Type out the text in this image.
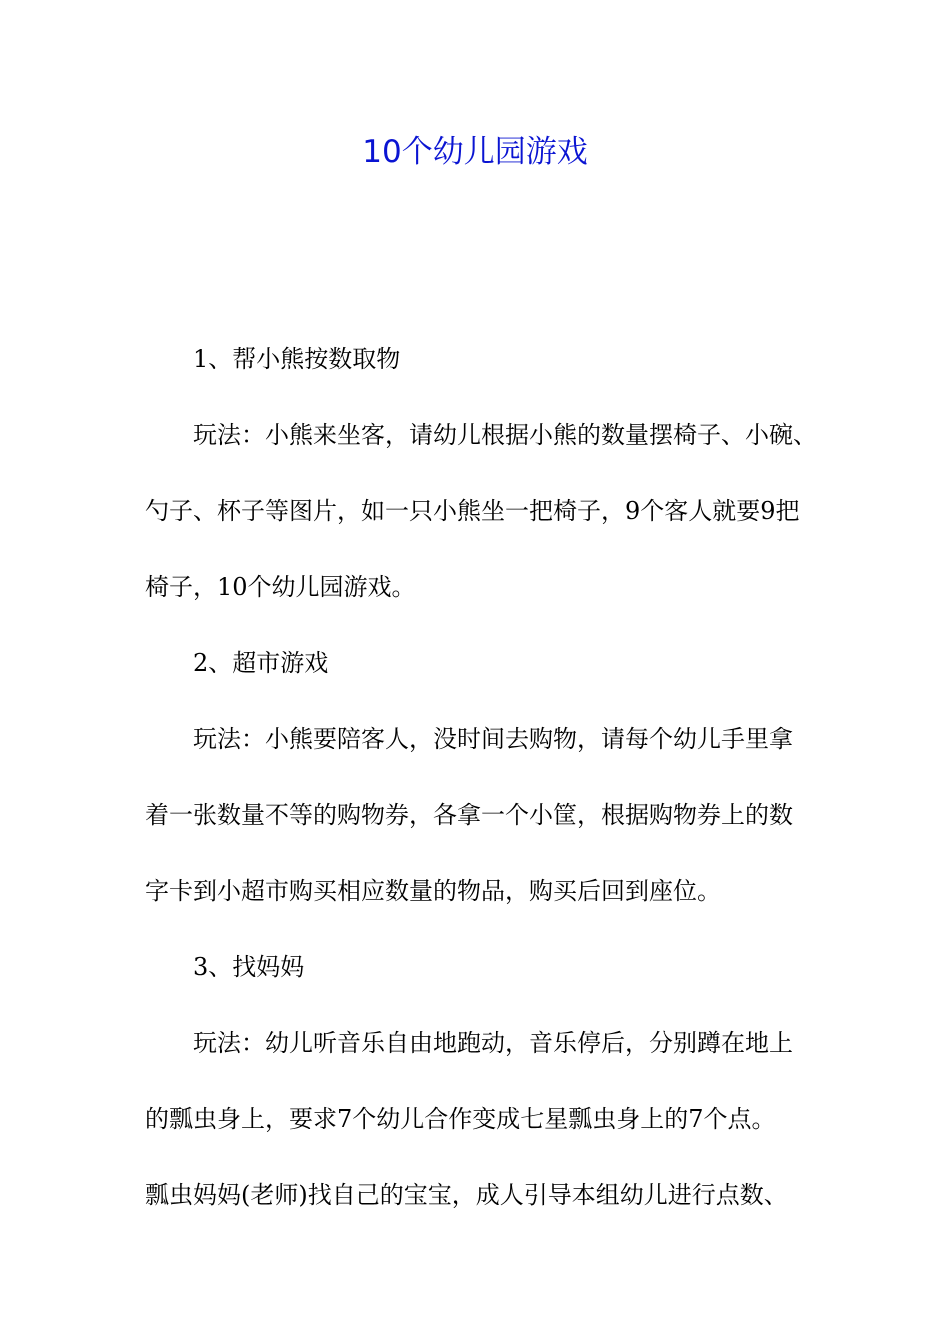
10个幼儿园游戏
1、帮小熊按数取物
玩法：小熊来坐客，请幼儿根据小熊的数量摆椅子、小碗、
勺子、杯子等图片，如一只小熊坐一把椅子，9个客人就要9把
椅子，10个幼儿园游戏。
2、超市游戏
玩法：小熊要陪客人，没时间去购物，请每个幼儿手里拿
着一张数量不等的购物券，各拿一个小筐，根据购物券上的数
字卡到小超市购买相应数量的物品，购买后回到座位。
3、找妈妈
玩法：幼儿听音乐自由地跑动，音乐停后，分别蹲在地上
的瓢虫身上，要求7个幼儿合作变成七星瓢虫身上的7个点。
瓢虫妈妈(老师)找自己的宝宝，成人引导本组幼儿进行点数、
